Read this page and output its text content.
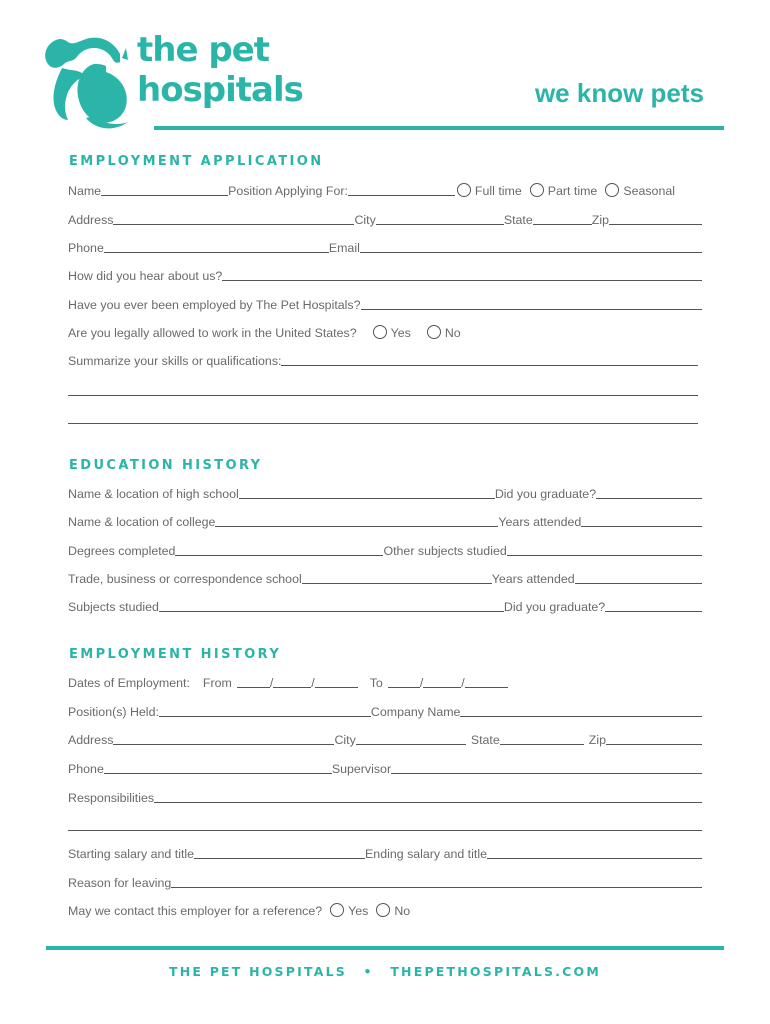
the pet
hospitals	we know pets
EMPLOYMENT APPLICATION
Name	Position Applying For:	Full time Part time Seasonal
Address	City	State	Zip
Phone	Email
How did you hear about us?
Have you ever been employed by The Pet Hospitals?
Are you legally allowed to work in the United States?	Yes	No
Summarize your skills or qualifications:
EDUCATION HISTORY
Name & location of high school	Did you graduate?
Name & location of college	Years attended
Degrees completed	Other subjects studied
Trade, business or correspondence school	Years attended
Subjects studied	Did you graduate?
EMPLOYMENT HISTORY
Dates of Employment: From	/	/	To	/	/
Position(s) Held:	Company Name
Address	City	State	Zip
Phone	Supervisor
Responsibilities
Starting salary and title	Ending salary and title
Reason for leaving
May we contact this employer for a reference? Yes No
THE PET HOSPITALS • THEPETHOSPITALS.COM
